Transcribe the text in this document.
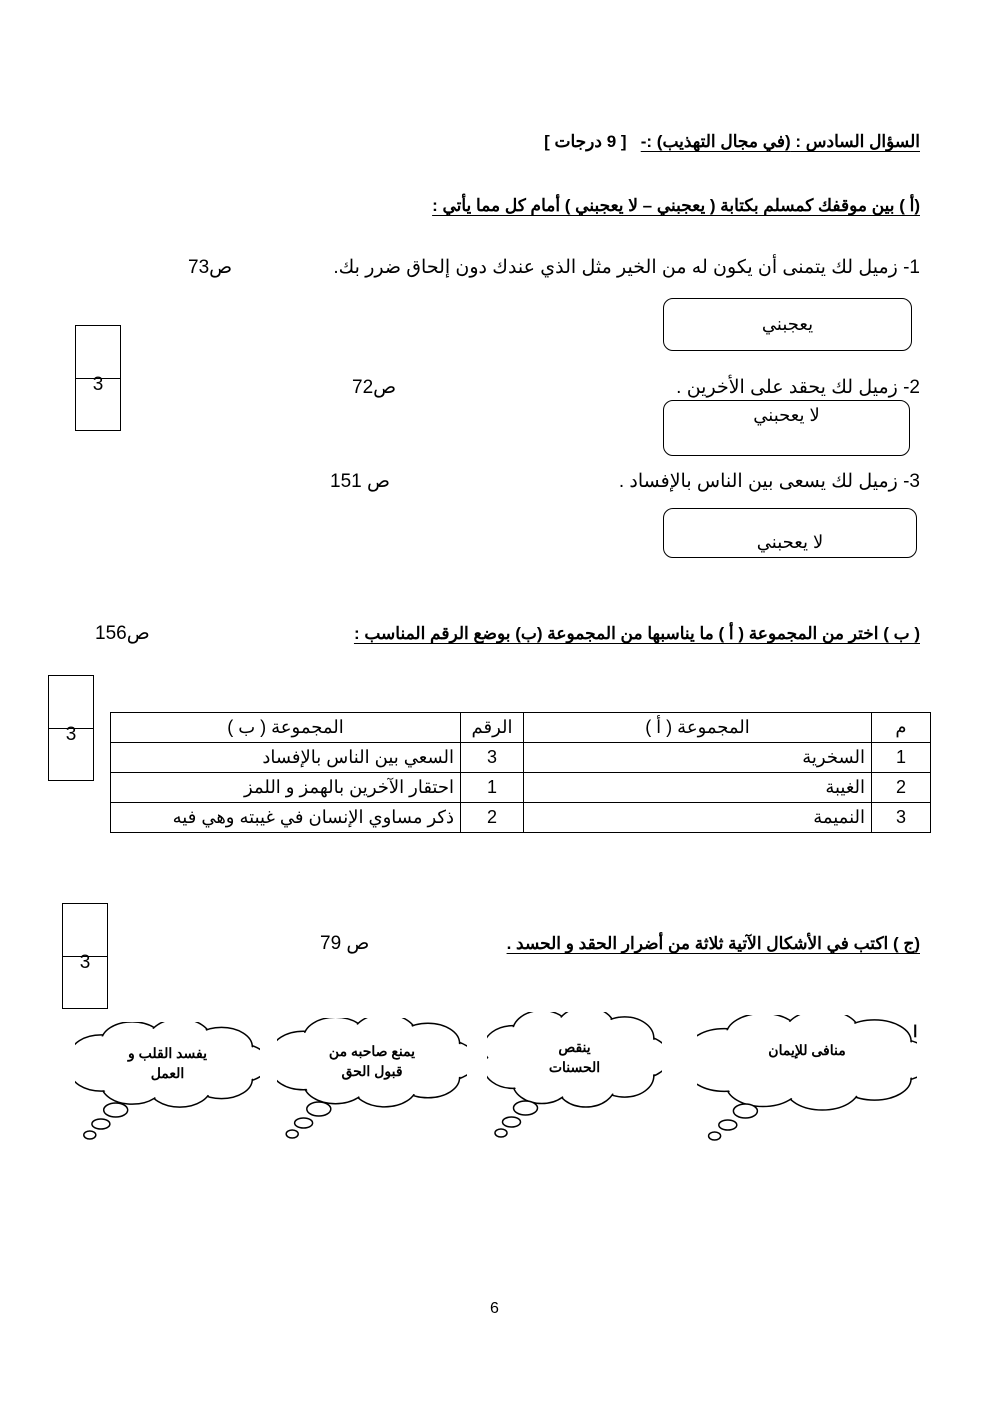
السؤال السادس : (في مجال التهذيب) :-   [ 9 درجات ]
(أ ) بين موقفك كمسلم بكتابة ( يعجبني – لا يعجبني ) أمام كل مما يأتي :
1- زميل لك يتمنى أن يكون له من الخير مثل الذي عندك دون إلحاق ضرر بك.
ص73
يعجبني
3	2- زميل لك يحقد على الأخرين .
ص72
لا يعحبني
3- زميل لك يسعى بين الناس بالإفساد .
ص 151
لا يعحبني
( ب ) اختر من المجموعة ( أ ) ما يناسبها من المجموعة (ب) بوضع الرقم المناسب :
ص156
3	م	المجموعة ( أ )	الرقم	المجموعة ( ب )
1	السخرية	3	السعي بين الناس بالإفساد
2	الغيبة	1	احتقار الآخرين بالهمز و اللمز
3	النميمة	2	ذكر مساوي الإنسان في غيبته وهي فيه
3
(ج ) اكتب في الأشكال الآتية ثلاثة من أضرار الحقد و الحسد .
ص 79
ا
منافى للإيمان
ينقص
الحسنات
يمنع صاحبه من
قبول الحق
يفسد القلب و
العمل
6
